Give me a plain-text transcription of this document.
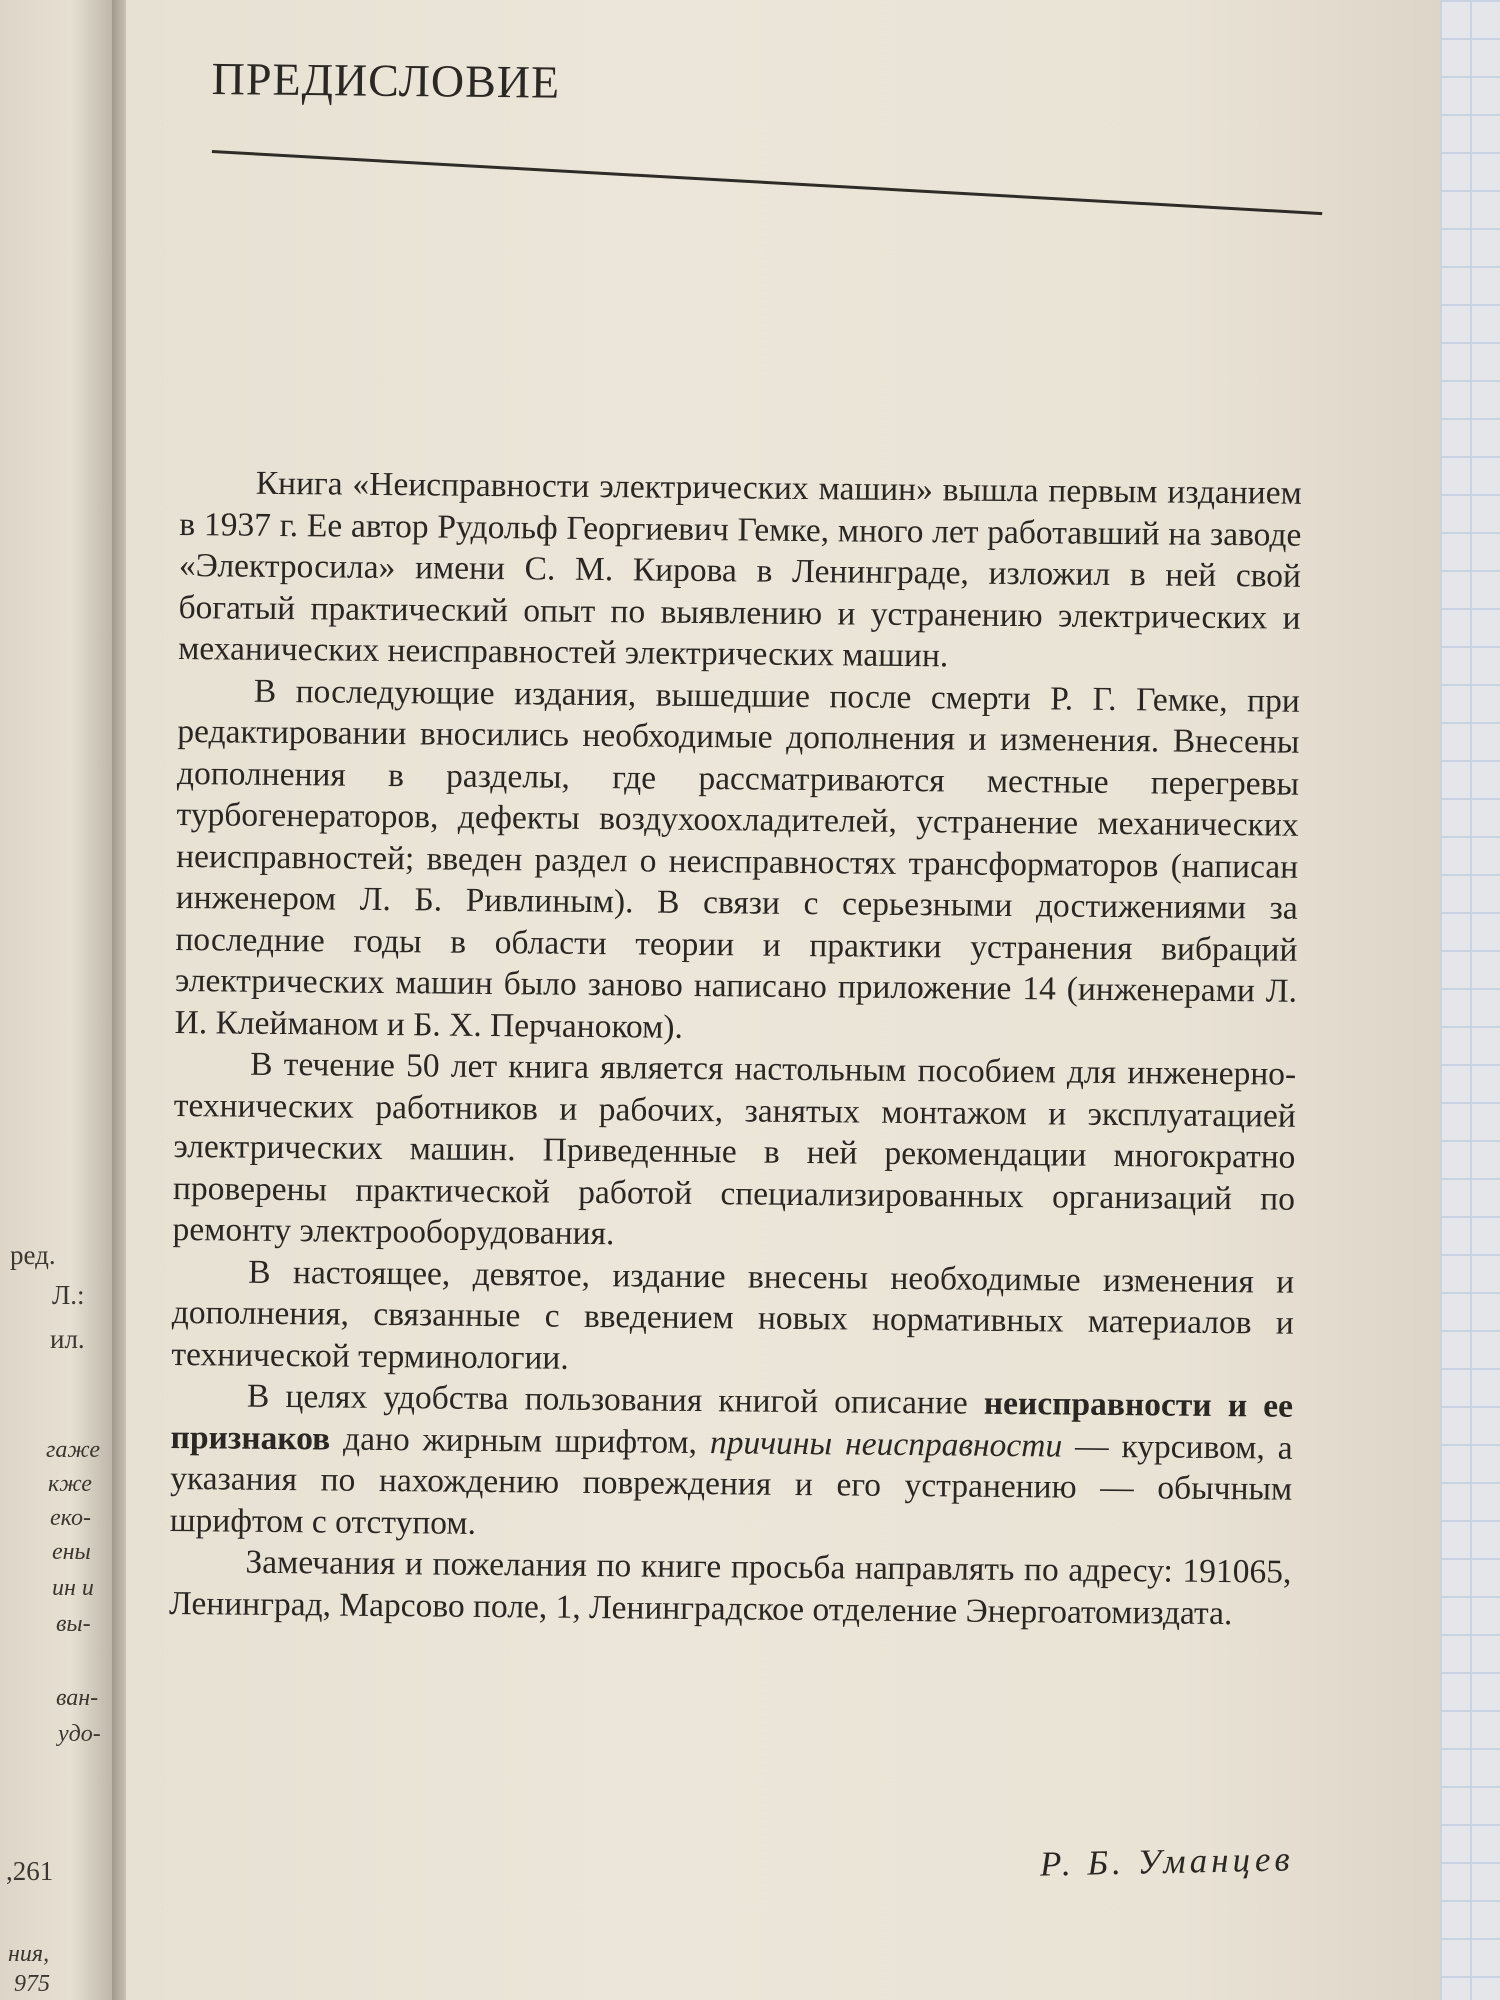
ред.
Л.:
ил.
гаже
кже
еко-
ены
ин и
вы-
ван-
удо-
,261
ния,
975
ПРЕДИСЛОВИЕ

Книга «Неисправности электрических машин» вышла первым изданием в 1937 г. Ее автор Рудольф Георгиевич Гемке, много лет работавший на заводе «Электросила» имени С. М. Кирова в Ленинграде, изложил в ней свой богатый практический опыт по выявлению и устранению электрических и механических неисправностей электрических машин.

В последующие издания, вышедшие после смерти Р. Г. Гемке, при редактировании вносились необходимые дополнения и изменения. Внесены дополнения в разделы, где рассматриваются местные перегревы турбогенераторов, дефекты воздухоохладителей, устранение механических неисправностей; введен раздел о неисправностях трансформаторов (написан инженером Л. Б. Ривлиным). В связи с серьезными достижениями за последние годы в области теории и практики устранения вибраций электрических машин было заново написано приложение 14 (инженерами Л. И. Клейманом и Б. Х. Перчаноком).

В течение 50 лет книга является настольным пособием для инженерно-технических работников и рабочих, занятых монтажом и эксплуатацией электрических машин. Приведенные в ней рекомендации многократно проверены практической работой специализированных организаций по ремонту электрооборудования.

В настоящее, девятое, издание внесены необходимые изменения и дополнения, связанные с введением новых нормативных материалов и технической терминологии.

В целях удобства пользования книгой описание неисправности и ее признаков дано жирным шрифтом, причины неисправности — курсивом, а указания по нахождению повреждения и его устранению — обычным шрифтом с отступом.

Замечания и пожелания по книге просьба направлять по адресу: 191065, Ленинград, Марсово поле, 1, Ленинградское отделение Энергоатомиздата.

Р. Б. Уманцев
